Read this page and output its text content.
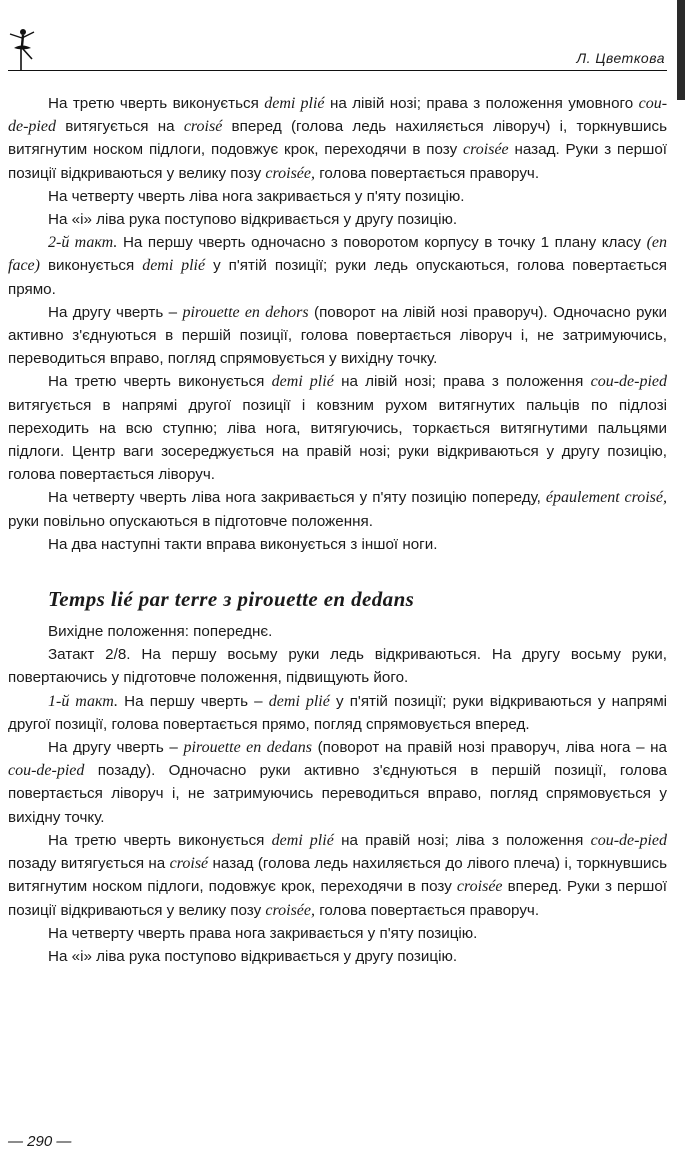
Л. Цветкова

На третю чверть виконується demi plié на лівій нозі; права з положення умовного cou-de-pied витягується на croisé вперед (голова ледь нахиляється ліворуч) і, торкнувшись витягнутим носком підлоги, подовжує крок, переходячи в позу croisée назад. Руки з першої позиції відкриваються у велику позу croisée, голова повертається праворуч.

На четверту чверть ліва нога закривається у п'яту позицію.

На «і» ліва рука поступово відкривається у другу позицію.

2-й такт. На першу чверть одночасно з поворотом корпусу в точку 1 плану класу (en face) виконується demi plié у п'ятій позиції; руки ледь опускаються, голова повертається прямо.

На другу чверть – pirouette en dehors (поворот на лівій нозі праворуч). Одночасно руки активно з'єднуються в першій позиції, голова повертається ліворуч і, не затримуючись, переводиться вправо, погляд спрямовується у вихідну точку.

На третю чверть виконується demi plié на лівій нозі; права з положення cou-de-pied витягується в напрямі другої позиції і ковзним рухом витягнутих пальців по підлозі переходить на всю ступню; ліва нога, витягуючись, торкається витягнутими пальцями підлоги. Центр ваги зосереджується на правій нозі; руки відкриваються у другу позицію, голова повертається ліворуч.

На четверту чверть ліва нога закривається у п'яту позицію попереду, épaulement croisé, руки повільно опускаються в підготовче положення.

На два наступні такти вправа виконується з іншої ноги.

Temps lié par terre з pirouette en dedans

Вихідне положення: попереднє.

Затакт 2/8. На першу восьму руки ледь відкриваються. На другу восьму руки, повертаючись у підготовче положення, підвищують його.

1-й такт. На першу чверть – demi plié у п'ятій позиції; руки відкриваються у напрямі другої позиції, голова повертається прямо, погляд спрямовується вперед.

На другу чверть – pirouette en dedans (поворот на правій нозі праворуч, ліва нога – на cou-de-pied позаду). Одночасно руки активно з'єднуються в першій позиції, голова повертається ліворуч і, не затримуючись переводиться вправо, погляд спрямовується у вихідну точку.

На третю чверть виконується demi plié на правій нозі; ліва з положення cou-de-pied позаду витягується на croisé назад (голова ледь нахиляється до лівого плеча) і, торкнувшись витягнутим носком підлоги, подовжує крок, переходячи в позу croisée вперед. Руки з першої позиції відкриваються у велику позу croisée, голова повертається праворуч.

На четверту чверть права нога закривається у п'яту позицію.

На «і» ліва рука поступово відкривається у другу позицію.

— 290 —
